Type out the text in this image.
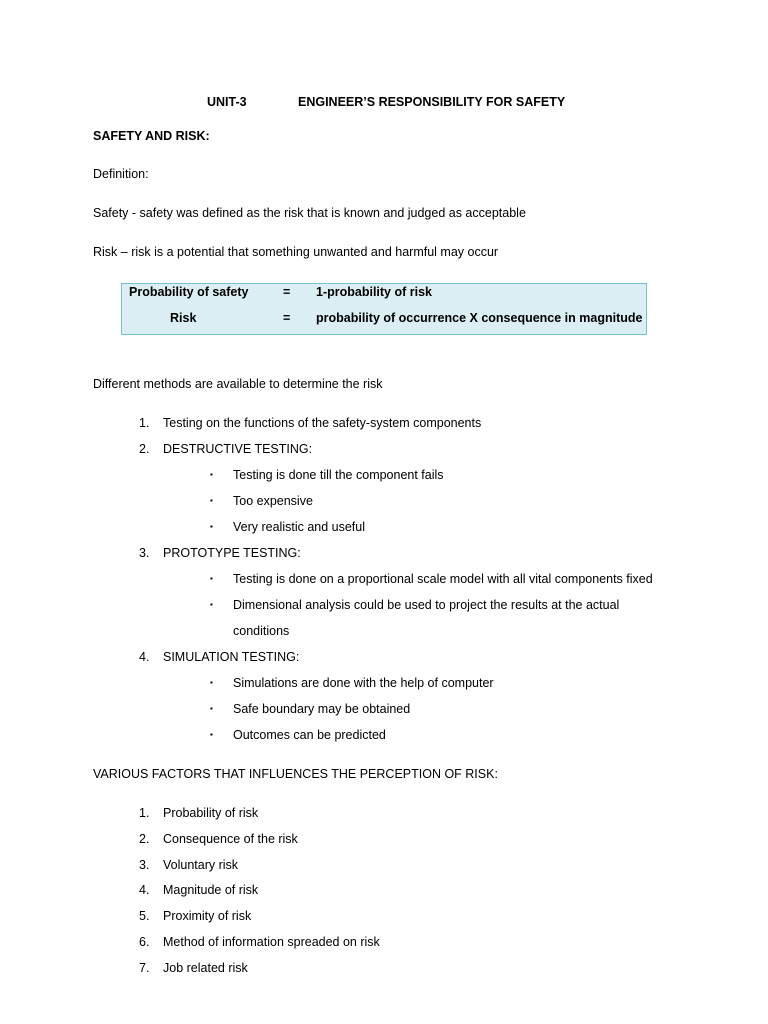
UNIT-3	ENGINEER’S RESPONSIBILITY FOR SAFETY
SAFETY AND RISK:
Definition:
Safety - safety was defined as the risk that is known and judged as acceptable
Risk – risk is a potential that something unwanted and harmful may occur
Probability of safety	= 1-probability of risk
Risk	= probability of occurrence X consequence in magnitude
Different methods are available to determine the risk
1.	Testing on the functions of the safety-system components
2.	DESTRUCTIVE TESTING:
▪ Testing is done till the component fails
▪ Too expensive
▪ Very realistic and useful
3.	PROTOTYPE TESTING:
▪ Testing is done on a proportional scale model with all vital components fixed
▪ Dimensional analysis could be used to project the results at the actual
conditions
4.	SIMULATION TESTING:
▪ Simulations are done with the help of computer
▪ Safe boundary may be obtained
▪ Outcomes can be predicted
VARIOUS FACTORS THAT INFLUENCES THE PERCEPTION OF RISK:
1.	Probability of risk
2.	Consequence of the risk
3.	Voluntary risk
4.	Magnitude of risk
5.	Proximity of risk
6.	Method of information spreaded on risk
7.	Job related risk
